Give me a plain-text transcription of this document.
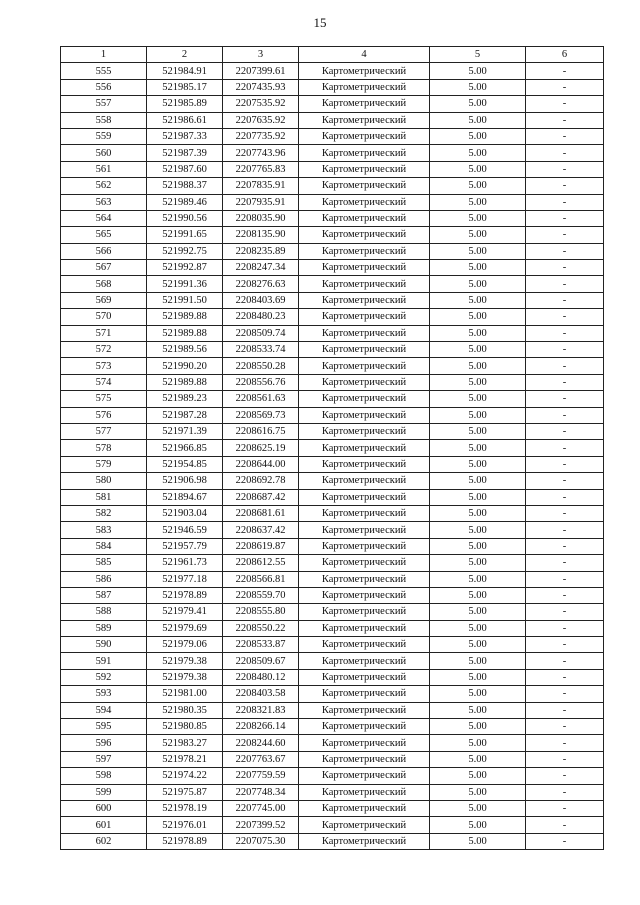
15
1	2	3	4	5	6
555	521984.91	2207399.61	Картометрический	5.00	-
556	521985.17	2207435.93	Картометрический	5.00	-
557	521985.89	2207535.92	Картометрический	5.00	-
558	521986.61	2207635.92	Картометрический	5.00	-
559	521987.33	2207735.92	Картометрический	5.00	-
560	521987.39	2207743.96	Картометрический	5.00	-
561	521987.60	2207765.83	Картометрический	5.00	-
562	521988.37	2207835.91	Картометрический	5.00	-
563	521989.46	2207935.91	Картометрический	5.00	-
564	521990.56	2208035.90	Картометрический	5.00	-
565	521991.65	2208135.90	Картометрический	5.00	-
566	521992.75	2208235.89	Картометрический	5.00	-
567	521992.87	2208247.34	Картометрический	5.00	-
568	521991.36	2208276.63	Картометрический	5.00	-
569	521991.50	2208403.69	Картометрический	5.00	-
570	521989.88	2208480.23	Картометрический	5.00	-
571	521989.88	2208509.74	Картометрический	5.00	-
572	521989.56	2208533.74	Картометрический	5.00	-
573	521990.20	2208550.28	Картометрический	5.00	-
574	521989.88	2208556.76	Картометрический	5.00	-
575	521989.23	2208561.63	Картометрический	5.00	-
576	521987.28	2208569.73	Картометрический	5.00	-
577	521971.39	2208616.75	Картометрический	5.00	-
578	521966.85	2208625.19	Картометрический	5.00	-
579	521954.85	2208644.00	Картометрический	5.00	-
580	521906.98	2208692.78	Картометрический	5.00	-
581	521894.67	2208687.42	Картометрический	5.00	-
582	521903.04	2208681.61	Картометрический	5.00	-
583	521946.59	2208637.42	Картометрический	5.00	-
584	521957.79	2208619.87	Картометрический	5.00	-
585	521961.73	2208612.55	Картометрический	5.00	-
586	521977.18	2208566.81	Картометрический	5.00	-
587	521978.89	2208559.70	Картометрический	5.00	-
588	521979.41	2208555.80	Картометрический	5.00	-
589	521979.69	2208550.22	Картометрический	5.00	-
590	521979.06	2208533.87	Картометрический	5.00	-
591	521979.38	2208509.67	Картометрический	5.00	-
592	521979.38	2208480.12	Картометрический	5.00	-
593	521981.00	2208403.58	Картометрический	5.00	-
594	521980.35	2208321.83	Картометрический	5.00	-
595	521980.85	2208266.14	Картометрический	5.00	-
596	521983.27	2208244.60	Картометрический	5.00	-
597	521978.21	2207763.67	Картометрический	5.00	-
598	521974.22	2207759.59	Картометрический	5.00	-
599	521975.87	2207748.34	Картометрический	5.00	-
600	521978.19	2207745.00	Картометрический	5.00	-
601	521976.01	2207399.52	Картометрический	5.00	-
602	521978.89	2207075.30	Картометрический	5.00	-
